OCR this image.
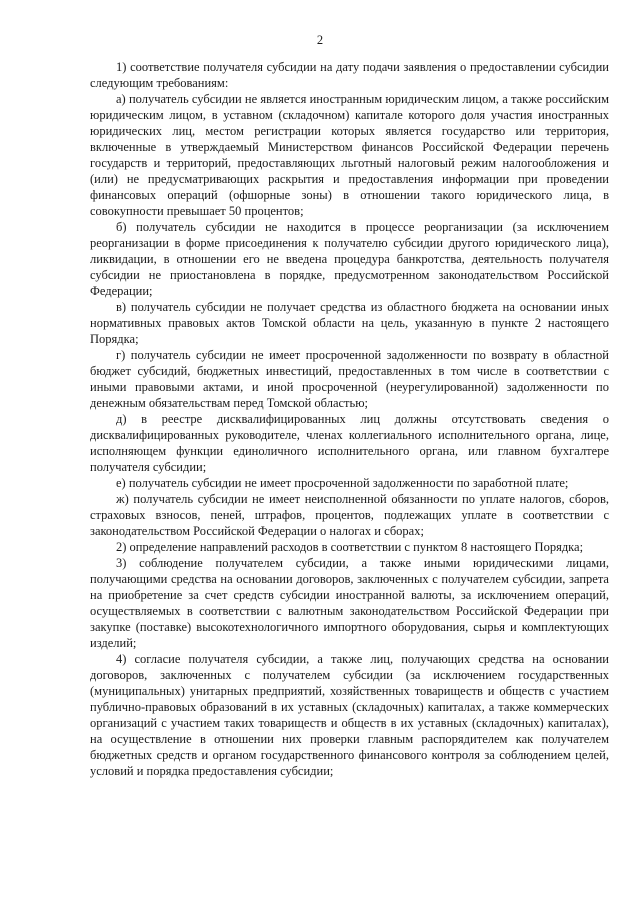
2

1) соответствие получателя субсидии на дату подачи заявления о предоставлении субсидии следующим требованиям:

а) получатель субсидии не является иностранным юридическим лицом, а также российским юридическим лицом, в уставном (складочном) капитале которого доля участия иностранных юридических лиц, местом регистрации которых является государство или территория, включенные в утверждаемый Министерством финансов Российской Федерации перечень государств и территорий, предоставляющих льготный налоговый режим налогообложения и (или) не предусматривающих раскрытия и предоставления информации при проведении финансовых операций (офшорные зоны) в отношении такого юридического лица, в совокупности превышает 50 процентов;

б) получатель субсидии не находится в процессе реорганизации (за исключением реорганизации в форме присоединения к получателю субсидии другого юридического лица), ликвидации, в отношении его не введена процедура банкротства, деятельность получателя субсидии не приостановлена в порядке, предусмотренном законодательством Российской Федерации;

в) получатель субсидии не получает средства из областного бюджета на основании иных нормативных правовых актов Томской области на цель, указанную в пункте 2 настоящего Порядка;

г) получатель субсидии не имеет просроченной задолженности по возврату в областной бюджет субсидий, бюджетных инвестиций, предоставленных в том числе в соответствии с иными правовыми актами, и иной просроченной (неурегулированной) задолженности по денежным обязательствам перед Томской областью;

д) в реестре дисквалифицированных лиц должны отсутствовать сведения о дисквалифицированных руководителе, членах коллегиального исполнительного органа, лице, исполняющем функции единоличного исполнительного органа, или главном бухгалтере получателя субсидии;

е) получатель субсидии не имеет просроченной задолженности по заработной плате;

ж) получатель субсидии не имеет неисполненной обязанности по уплате налогов, сборов, страховых взносов, пеней, штрафов, процентов, подлежащих уплате в соответствии с законодательством Российской Федерации о налогах и сборах;

2) определение направлений расходов в соответствии с пунктом 8 настоящего Порядка;

3) соблюдение получателем субсидии, а также иными юридическими лицами, получающими средства на основании договоров, заключенных с получателем субсидии, запрета на приобретение за счет средств субсидии иностранной валюты, за исключением операций, осуществляемых в соответствии с валютным законодательством Российской Федерации при закупке (поставке) высокотехнологичного импортного оборудования, сырья и комплектующих изделий;

4) согласие получателя субсидии, а также лиц, получающих средства на основании договоров, заключенных с получателем субсидии (за исключением государственных (муниципальных) унитарных предприятий, хозяйственных товариществ и обществ с участием публично-правовых образований в их уставных (складочных) капиталах, а также коммерческих организаций с участием таких товариществ и обществ в их уставных (складочных) капиталах), на осуществление в отношении них проверки главным распорядителем как получателем бюджетных средств и органом государственного финансового контроля за соблюдением целей, условий и порядка предоставления субсидии;
